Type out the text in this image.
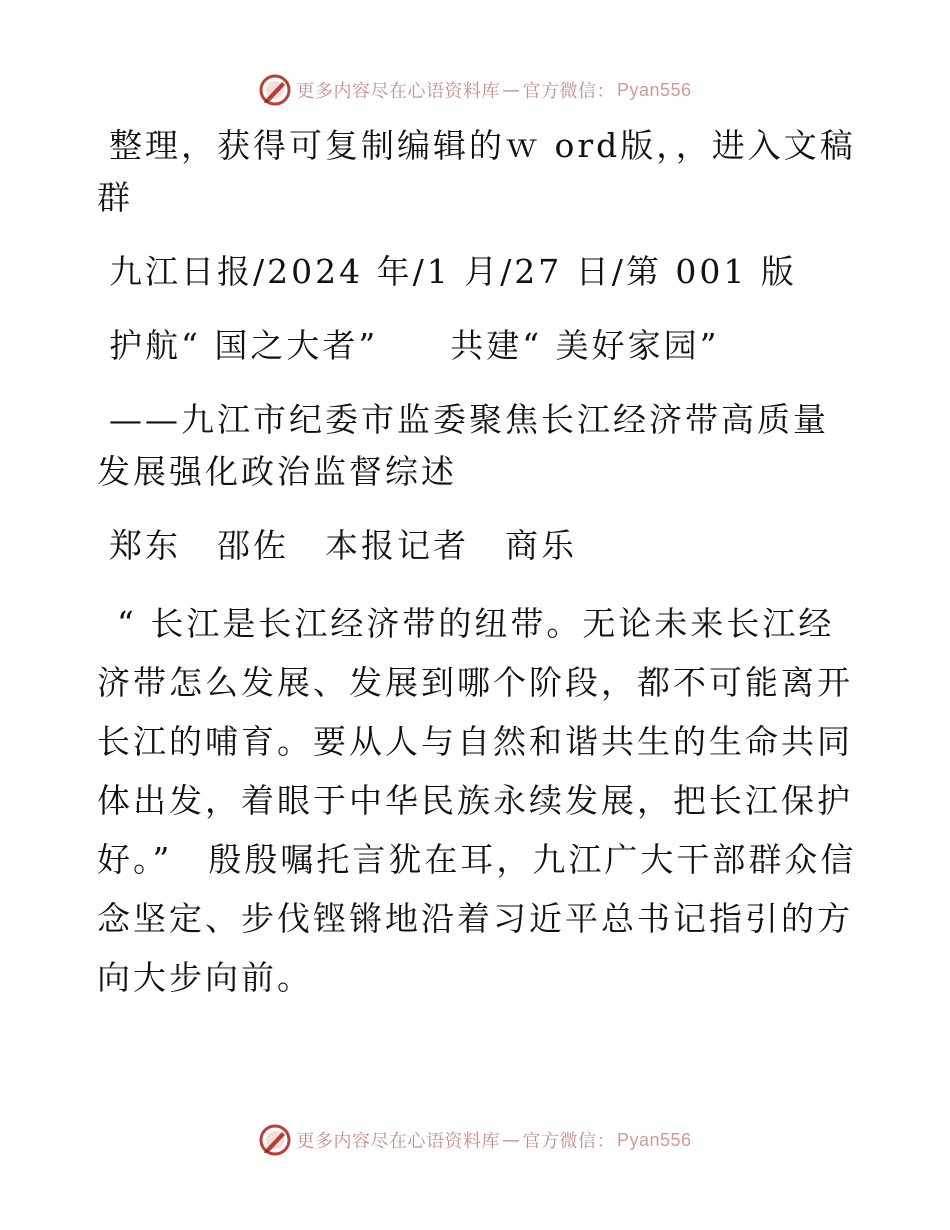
更多内容尽在心语资料库 — 官方微信： Pyan556

整理，获得可复制编辑的ｗ ord版，，进入文稿群

九江日报/2024 年/1 月/27 日/第 001 版

护航“ 国之大者”　　共建“ 美好家园”

——九江市纪委市监委聚焦长江经济带高质量发展强化政治监督综述

郑东　邵佐　本报记者　商乐

“ 长江是长江经济带的纽带。无论未来长江经济带怎么发展、发展到哪个阶段，都不可能离开长江的哺育。要从人与自然和谐共生的生命共同体出发，着眼于中华民族永续发展，把长江保护好。”　殷殷嘱托言犹在耳，九江广大干部群众信念坚定、步伐铿锵地沿着习近平总书记指引的方向大步向前。

更多内容尽在心语资料库 — 官方微信： Pyan556
